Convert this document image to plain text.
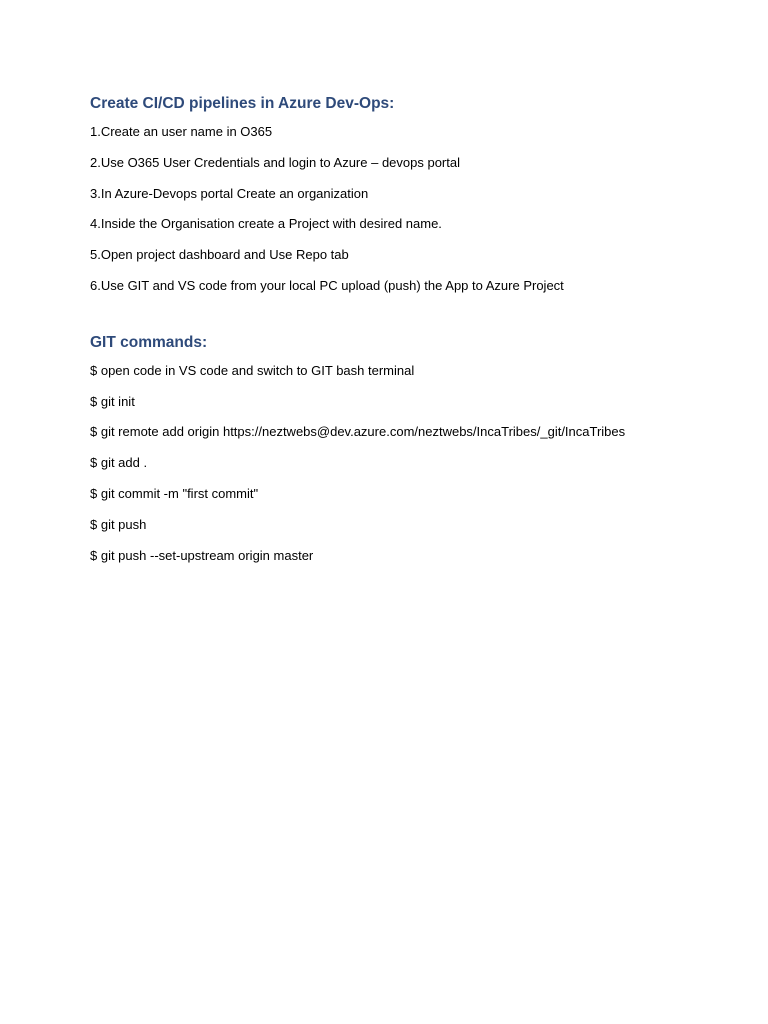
Create CI/CD pipelines in Azure Dev-Ops:
1.Create an user name in O365
2.Use O365 User Credentials and login to Azure – devops portal
3.In Azure-Devops portal Create an organization
4.Inside the Organisation create a Project with desired name.
5.Open project dashboard and Use Repo tab
6.Use GIT and VS code from your local PC upload (push) the App to Azure Project
GIT commands:
$ open code in VS code and switch to GIT bash terminal
$ git init
$ git remote add origin https://neztwebs@dev.azure.com/neztwebs/IncaTribes/_git/IncaTribes
$ git add .
$ git commit -m "first commit"
$ git push
$ git push --set-upstream origin master
